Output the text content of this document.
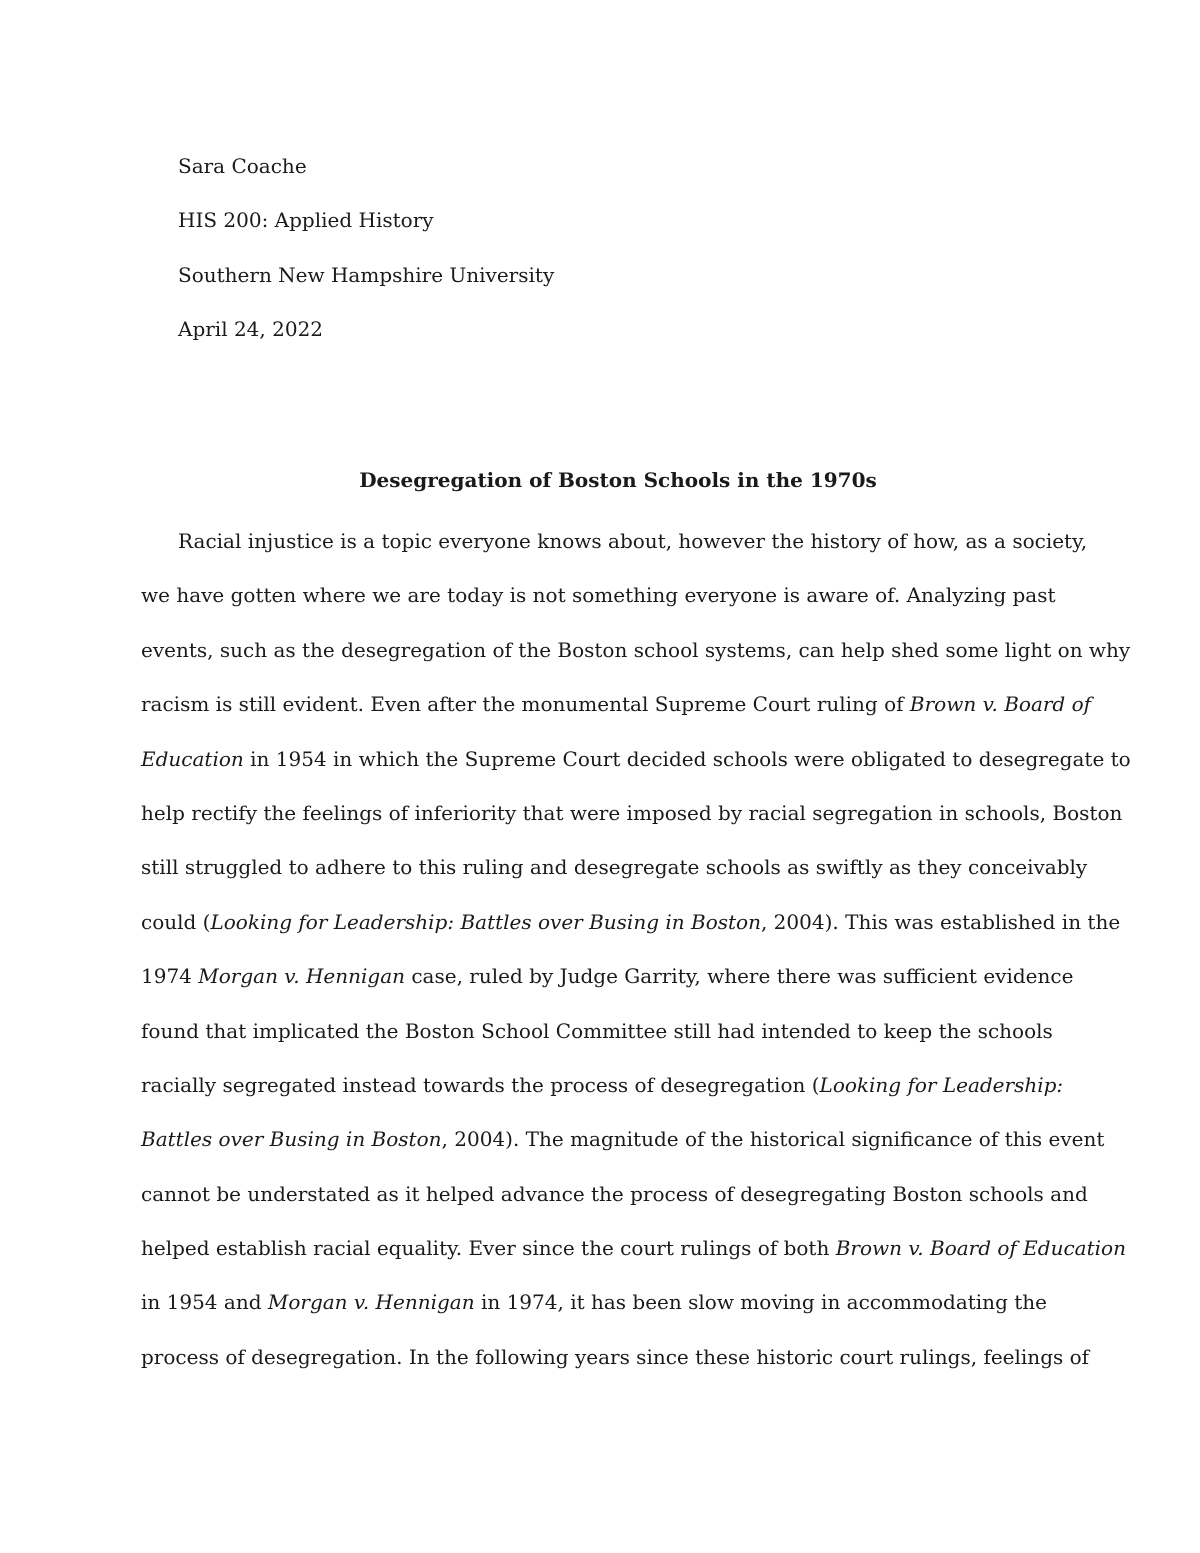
Sara Coache
HIS 200: Applied History
Southern New Hampshire University
April 24, 2022
Desegregation of Boston Schools in the 1970s
Racial injustice is a topic everyone knows about, however the history of how, as a society,
we have gotten where we are today is not something everyone is aware of. Analyzing past
events, such as the desegregation of the Boston school systems, can help shed some light on why
racism is still evident. Even after the monumental Supreme Court ruling of Brown v. Board of
Education in 1954 in which the Supreme Court decided schools were obligated to desegregate to
help rectify the feelings of inferiority that were imposed by racial segregation in schools, Boston
still struggled to adhere to this ruling and desegregate schools as swiftly as they conceivably
could (Looking for Leadership: Battles over Busing in Boston, 2004). This was established in the
1974 Morgan v. Hennigan case, ruled by Judge Garrity, where there was sufficient evidence
found that implicated the Boston School Committee still had intended to keep the schools
racially segregated instead towards the process of desegregation (Looking for Leadership:
Battles over Busing in Boston, 2004). The magnitude of the historical significance of this event
cannot be understated as it helped advance the process of desegregating Boston schools and
helped establish racial equality. Ever since the court rulings of both Brown v. Board of Education
in 1954 and Morgan v. Hennigan in 1974, it has been slow moving in accommodating the
process of desegregation. In the following years since these historic court rulings, feelings of
